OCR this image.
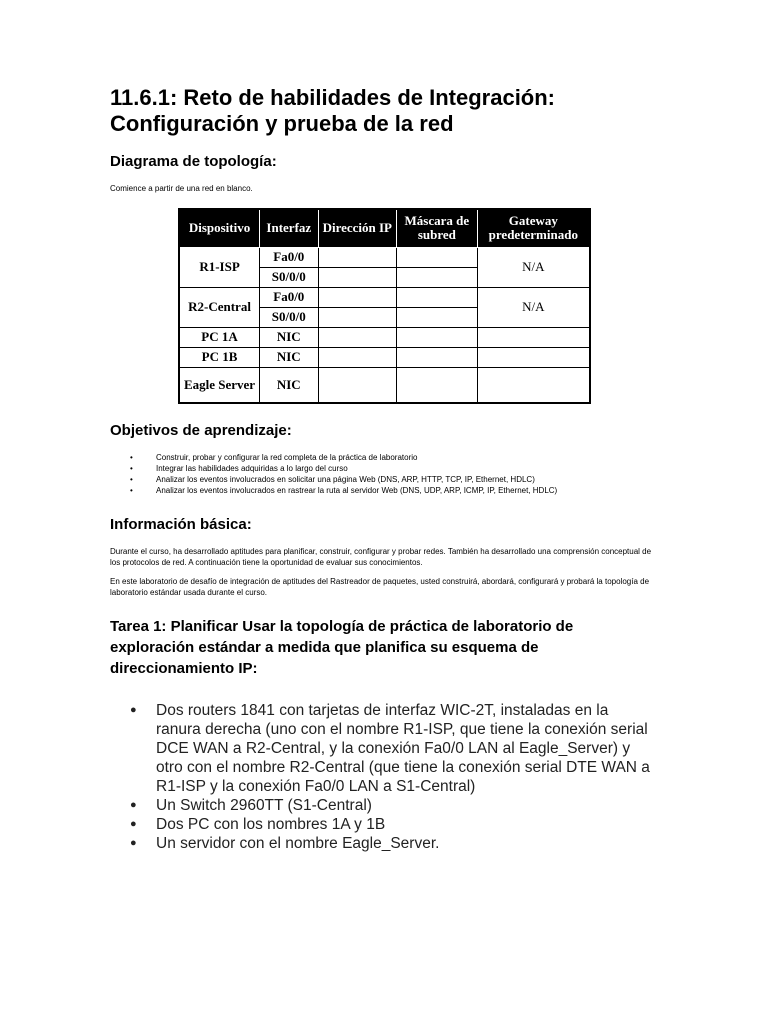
11.6.1: Reto de habilidades de Integración:
Configuración y prueba de la red
Diagrama de topología:

Comience a partir de una red en blanco.

Dispositivo	Interfaz	Dirección IP	Máscara de subred	Gateway predeterminado
R1-ISP	Fa0/0			N/A
	S0/0/0			
R2-Central	Fa0/0			N/A
	S0/0/0			
PC 1A	NIC			
PC 1B	NIC			
Eagle Server	NIC			
Objetivos de aprendizaje:
• Construir, probar y configurar la red completa de la práctica de laboratorio
• Integrar las habilidades adquiridas a lo largo del curso
• Analizar los eventos involucrados en solicitar una página Web (DNS, ARP, HTTP, TCP, IP, Ethernet, HDLC)
• Analizar los eventos involucrados en rastrear la ruta al servidor Web (DNS, UDP, ARP, ICMP, IP, Ethernet, HDLC)
Información básica:

Durante el curso, ha desarrollado aptitudes para planificar, construir, configurar y probar redes. También ha desarrollado una comprensión conceptual de los protocolos de red. A continuación tiene la oportunidad de evaluar sus conocimientos.

En este laboratorio de desafío de integración de aptitudes del Rastreador de paquetes, usted construirá, abordará, configurará y probará la topología de laboratorio estándar usada durante el curso.

Tarea 1: Planificar Usar la topología de práctica de laboratorio de exploración estándar a medida que planifica su esquema de direccionamiento IP:
● Dos routers 1841 con tarjetas de interfaz WIC-2T, instaladas en la ranura derecha (uno con el nombre R1-ISP, que tiene la conexión serial DCE WAN a R2-Central, y la conexión Fa0/0 LAN al Eagle_Server) y otro con el nombre R2-Central (que tiene la conexión serial DTE WAN a R1-ISP y la conexión Fa0/0 LAN a S1-Central)
● Un Switch 2960TT (S1-Central)
● Dos PC con los nombres 1A y 1B
● Un servidor con el nombre Eagle_Server.
